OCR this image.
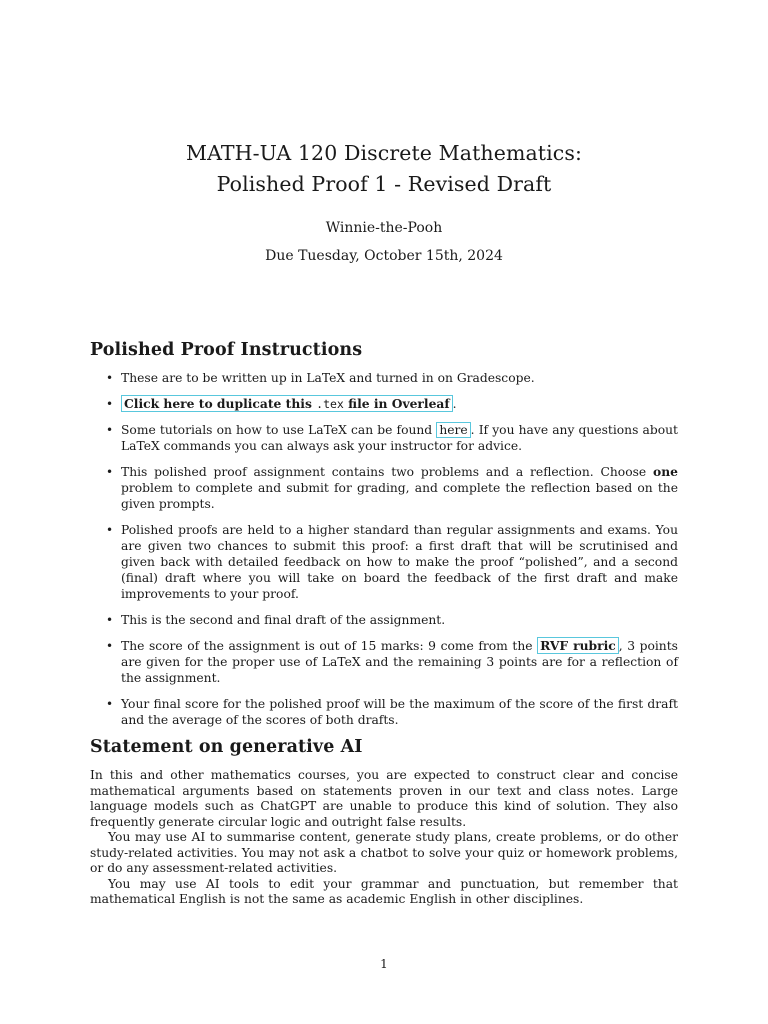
MATH-UA 120 Discrete Mathematics:
Polished Proof 1 - Revised Draft
Winnie-the-Pooh
Due Tuesday, October 15th, 2024
Polished Proof Instructions
• These are to be written up in LaTeX and turned in on Gradescope.
• Click here to duplicate this .tex file in Overleaf .
• Some tutorials on how to use LaTeX can be found here . If you have any questions about LaTeX commands you can always ask your instructor for advice.
• This polished proof assignment contains two problems and a reflection. Choose one problem to complete and submit for grading, and complete the reflection based on the given prompts.
• Polished proofs are held to a higher standard than regular assignments and exams. You are given two chances to submit this proof: a first draft that will be scrutinised and given back with detailed feedback on how to make the proof “polished”, and a second (final) draft where you will take on board the feedback of the first draft and make improvements to your proof.
• This is the second and final draft of the assignment.
• The score of the assignment is out of 15 marks: 9 come from the RVF rubric , 3 points are given for the proper use of LaTeX and the remaining 3 points are for a reflection of the assignment.
• Your final score for the polished proof will be the maximum of the score of the first draft and the average of the scores of both drafts.
Statement on generative AI

In this and other mathematics courses, you are expected to construct clear and concise mathematical arguments based on statements proven in our text and class notes. Large language models such as ChatGPT are unable to produce this kind of solution. They also frequently generate circular logic and outright false results.

You may use AI to summarise content, generate study plans, create problems, or do other study-related activities. You may not ask a chatbot to solve your quiz or homework problems, or do any assessment-related activities.

You may use AI tools to edit your grammar and punctuation, but remember that mathematical English is not the same as academic English in other disciplines.

1
